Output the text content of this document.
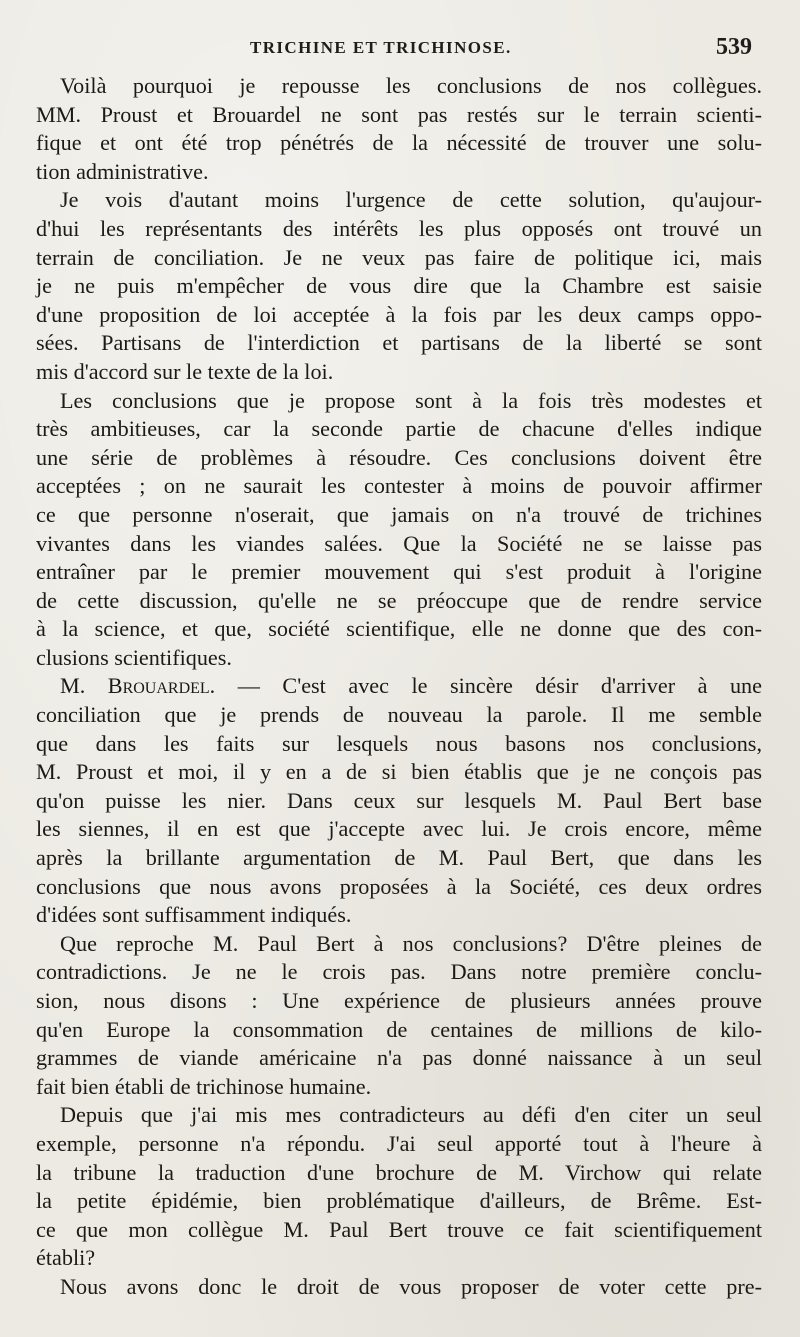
TRICHINE ET TRICHINOSE.	539
Voilà pourquoi je repousse les conclusions de nos collègues.
MM. Proust et Brouardel ne sont pas restés sur le terrain scienti-
fique et ont été trop pénétrés de la nécessité de trouver une solu-
tion administrative.
Je vois d'autant moins l'urgence de cette solution, qu'aujour-
d'hui les représentants des intérêts les plus opposés ont trouvé un
terrain de conciliation. Je ne veux pas faire de politique ici, mais
je ne puis m'empêcher de vous dire que la Chambre est saisie
d'une proposition de loi acceptée à la fois par les deux camps oppo-
sées. Partisans de l'interdiction et partisans de la liberté se sont
mis d'accord sur le texte de la loi.
Les conclusions que je propose sont à la fois très modestes et
très ambitieuses, car la seconde partie de chacune d'elles indique
une série de problèmes à résoudre. Ces conclusions doivent être
acceptées ; on ne saurait les contester à moins de pouvoir affirmer
ce que personne n'oserait, que jamais on n'a trouvé de trichines
vivantes dans les viandes salées. Que la Société ne se laisse pas
entraîner par le premier mouvement qui s'est produit à l'origine
de cette discussion, qu'elle ne se préoccupe que de rendre service
à la science, et que, société scientifique, elle ne donne que des con-
clusions scientifiques.
M. Brouardel. — C'est avec le sincère désir d'arriver à une
conciliation que je prends de nouveau la parole. Il me semble
que dans les faits sur lesquels nous basons nos conclusions,
M. Proust et moi, il y en a de si bien établis que je ne conçois pas
qu'on puisse les nier. Dans ceux sur lesquels M. Paul Bert base
les siennes, il en est que j'accepte avec lui. Je crois encore, même
après la brillante argumentation de M. Paul Bert, que dans les
conclusions que nous avons proposées à la Société, ces deux ordres
d'idées sont suffisamment indiqués.
Que reproche M. Paul Bert à nos conclusions? D'être pleines de
contradictions. Je ne le crois pas. Dans notre première conclu-
sion, nous disons : Une expérience de plusieurs années prouve
qu'en Europe la consommation de centaines de millions de kilo-
grammes de viande américaine n'a pas donné naissance à un seul
fait bien établi de trichinose humaine.
Depuis que j'ai mis mes contradicteurs au défi d'en citer un seul
exemple, personne n'a répondu. J'ai seul apporté tout à l'heure à
la tribune la traduction d'une brochure de M. Virchow qui relate
la petite épidémie, bien problématique d'ailleurs, de Brême. Est-
ce que mon collègue M. Paul Bert trouve ce fait scientifiquement
établi?
Nous avons donc le droit de vous proposer de voter cette pre-
